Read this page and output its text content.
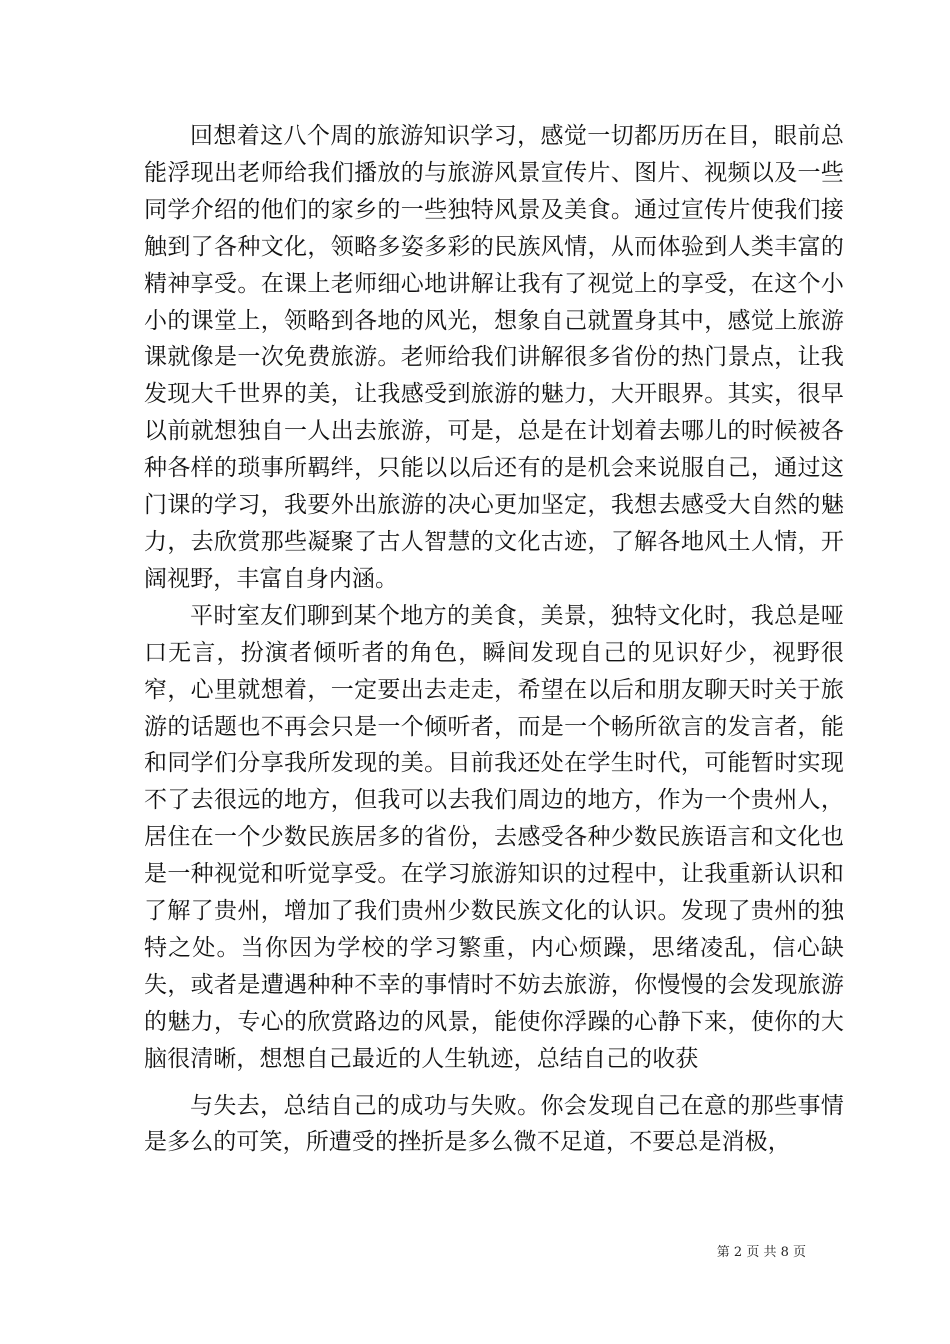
回想着这八个周的旅游知识学习，感觉一切都历历在目，眼前总能浮现出老师给我们播放的与旅游风景宣传片、图片、视频以及一些同学介绍的他们的家乡的一些独特风景及美食。通过宣传片使我们接触到了各种文化，领略多姿多彩的民族风情，从而体验到人类丰富的精神享受。在课上老师细心地讲解让我有了视觉上的享受，在这个小小的课堂上，领略到各地的风光，想象自己就置身其中，感觉上旅游课就像是一次免费旅游。老师给我们讲解很多省份的热门景点，让我发现大千世界的美，让我感受到旅游的魅力，大开眼界。其实，很早以前就想独自一人出去旅游，可是，总是在计划着去哪儿的时候被各种各样的琐事所羁绊，只能以以后还有的是机会来说服自己，通过这门课的学习，我要外出旅游的决心更加坚定，我想去感受大自然的魅力，去欣赏那些凝聚了古人智慧的文化古迹，了解各地风土人情，开阔视野，丰富自身内涵。

平时室友们聊到某个地方的美食，美景，独特文化时，我总是哑口无言，扮演者倾听者的角色，瞬间发现自己的见识好少，视野很窄，心里就想着，一定要出去走走，希望在以后和朋友聊天时关于旅游的话题也不再会只是一个倾听者，而是一个畅所欲言的发言者，能和同学们分享我所发现的美。目前我还处在学生时代，可能暂时实现不了去很远的地方，但我可以去我们周边的地方，作为一个贵州人，居住在一个少数民族居多的省份，去感受各种少数民族语言和文化也是一种视觉和听觉享受。在学习旅游知识的过程中，让我重新认识和了解了贵州，增加了我们贵州少数民族文化的认识。发现了贵州的独特之处。当你因为学校的学习繁重，内心烦躁，思绪凌乱，信心缺失，或者是遭遇种种不幸的事情时不妨去旅游，你慢慢的会发现旅游的魅力，专心的欣赏路边的风景，能使你浮躁的心静下来，使你的大脑很清晰，想想自己最近的人生轨迹，总结自己的收获

与失去，总结自己的成功与失败。你会发现自己在意的那些事情是多么的可笑，所遭受的挫折是多么微不足道，不要总是消极，

第 2 页 共 8 页
